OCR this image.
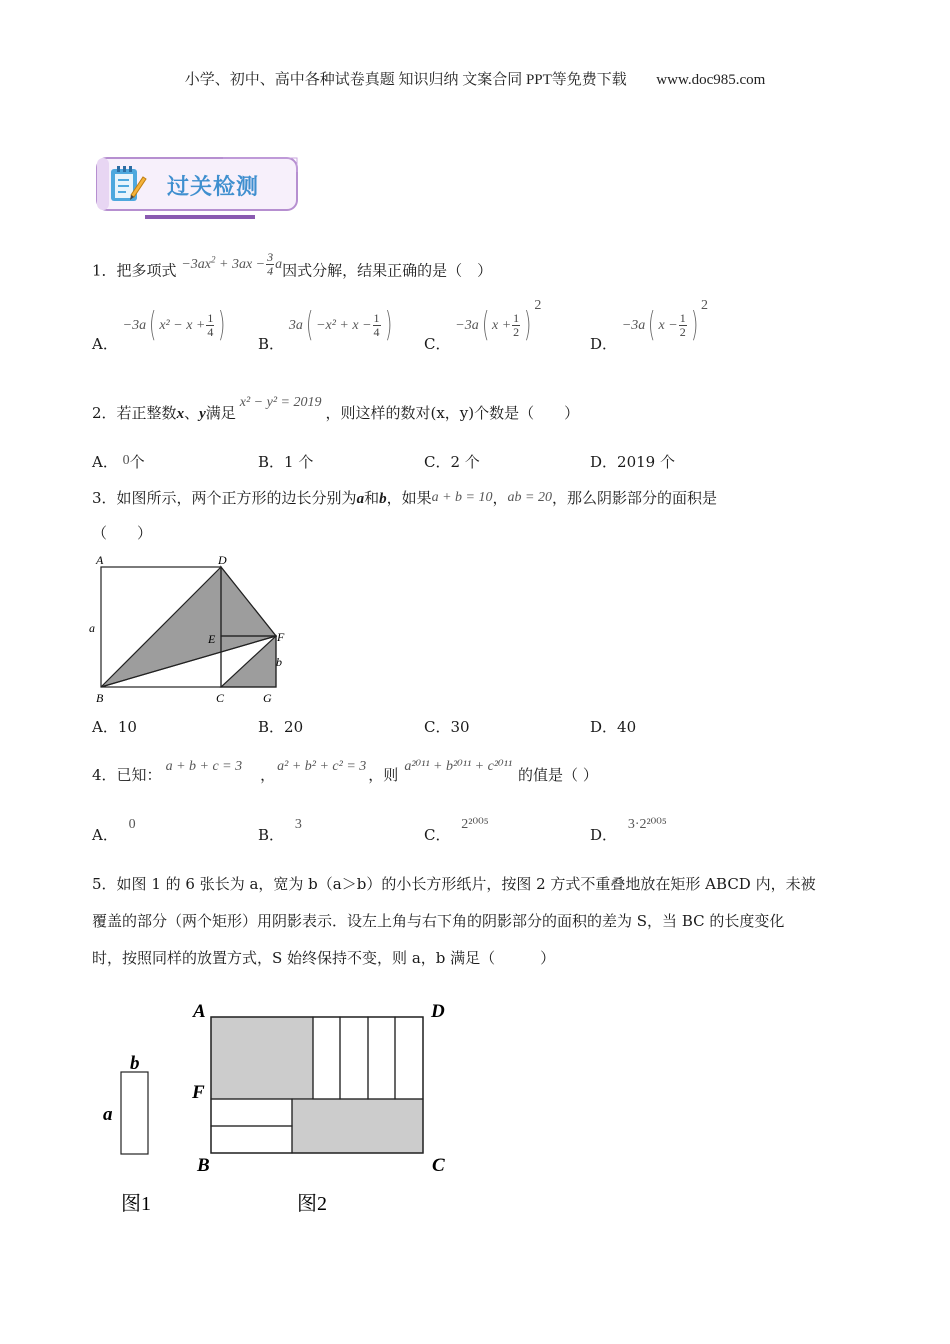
小学、初中、高中各种试卷真题 知识归纳 文案合同 PPT等免费下载 www.doc985.com
过关检测
1．把多项式 $-3ax^2 + 3ax - \frac{3}{4}$ a因式分解，结果正确的是（　）
A． −3a( $x^2 - x + \frac{1}{4}$ ) B． $3a( -x^2 + x - \frac{1}{4}$ ) C． −3a( $x + \frac{1}{2}$ ) $^2$
D． −3a( $x - \frac{1}{2}$ ) $^2$
2．若正整数x、y满足x² − y² = 2019，则这样的数对(x，y)个数是（　　）
A． 0个	B．1 个	C．2 个	D．2019 个
3．如图所示，两个正方形的边长分别为a和b，如果a + b = 10，ab = 20，那么阴影部分的面积是
（　　）
A	D
E	F
B	C	G
a
b
A．10	B．20	C．30	D．40
4．已知： a + b + c = 3 ， a² + b² + c² = 3 ，则 a²⁰¹¹ + b²⁰¹¹ + c²⁰¹¹ 的值是（ ）
A． 0
B． 3
C． 2²⁰⁰⁵
D． 3·2²⁰⁰⁵
5．如图 1 的 6 张长为 a，宽为 b（a＞b）的小长方形纸片，按图 2 方式不重叠地放在矩形 ABCD 内，未被
覆盖的部分（两个矩形）用阴影表示．设左上角与右下角的阴影部分的面积的差为 S，当 BC 的长度变化
时，按照同样的放置方式，S 始终保持不变，则 a，b 满足（　　　）
b
a
图1
A	D
F
B	C
图2
